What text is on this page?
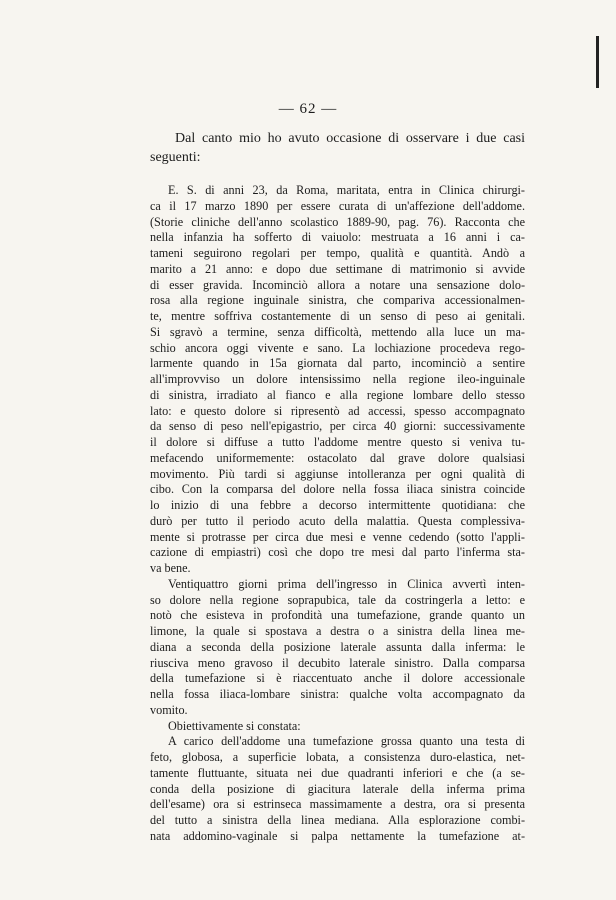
— 62 —

Dal canto mio ho avuto occasione di osservare i due casi seguenti:

E. S. di anni 23, da Roma, maritata, entra in Clinica chirurgi-
ca il 17 marzo 1890 per essere curata di un'affezione dell'addome.
(Storie cliniche dell'anno scolastico 1889-90, pag. 76). Racconta che
nella infanzia ha sofferto di vaiuolo: mestruata a 16 anni i ca-
tameni seguirono regolari per tempo, qualità e quantità. Andò a
marito a 21 anno: e dopo due settimane di matrimonio si avvide
di esser gravida. Incominciò allora a notare una sensazione dolo-
rosa alla regione inguinale sinistra, che compariva accessionalmen-
te, mentre soffriva costantemente di un senso di peso ai genitali.
Si sgravò a termine, senza difficoltà, mettendo alla luce un ma-
schio ancora oggi vivente e sano. La lochiazione procedeva rego-
larmente quando in 15a giornata dal parto, incominciò a sentire
all'improvviso un dolore intensissimo nella regione ileo-inguinale
di sinistra, irradiato al fianco e alla regione lombare dello stesso
lato: e questo dolore si ripresentò ad accessi, spesso accompagnato
da senso di peso nell'epigastrio, per circa 40 giorni: successivamente
il dolore si diffuse a tutto l'addome mentre questo si veniva tu-
mefacendo uniformemente: ostacolato dal grave dolore qualsiasi
movimento. Più tardi si aggiunse intolleranza per ogni qualità di
cibo. Con la comparsa del dolore nella fossa iliaca sinistra coincide
lo inizio di una febbre a decorso intermittente quotidiana: che
durò per tutto il periodo acuto della malattia. Questa complessiva-
mente si protrasse per circa due mesi e venne cedendo (sotto l'appli-
cazione di empiastri) così che dopo tre mesi dal parto l'inferma sta-
va bene.
Ventiquattro giorni prima dell'ingresso in Clinica avvertì inten-
so dolore nella regione soprapubica, tale da costringerla a letto: e
notò che esisteva in profondità una tumefazione, grande quanto un
limone, la quale si spostava a destra o a sinistra della linea me-
diana a seconda della posizione laterale assunta dalla inferma: le
riusciva meno gravoso il decubito laterale sinistro. Dalla comparsa
della tumefazione si è riaccentuato anche il dolore accessionale
nella fossa iliaca-lombare sinistra: qualche volta accompagnato da
vomito.
Obiettivamente si constata:
A carico dell'addome una tumefazione grossa quanto una testa di
feto, globosa, a superficie lobata, a consistenza duro-elastica, net-
tamente fluttuante, situata nei due quadranti inferiori e che (a se-
conda della posizione di giacitura laterale della inferma prima
dell'esame) ora si estrinseca massimamente a destra, ora si presenta
del tutto a sinistra della linea mediana. Alla esplorazione combi-
nata addomino-vaginale si palpa nettamente la tumefazione at-
